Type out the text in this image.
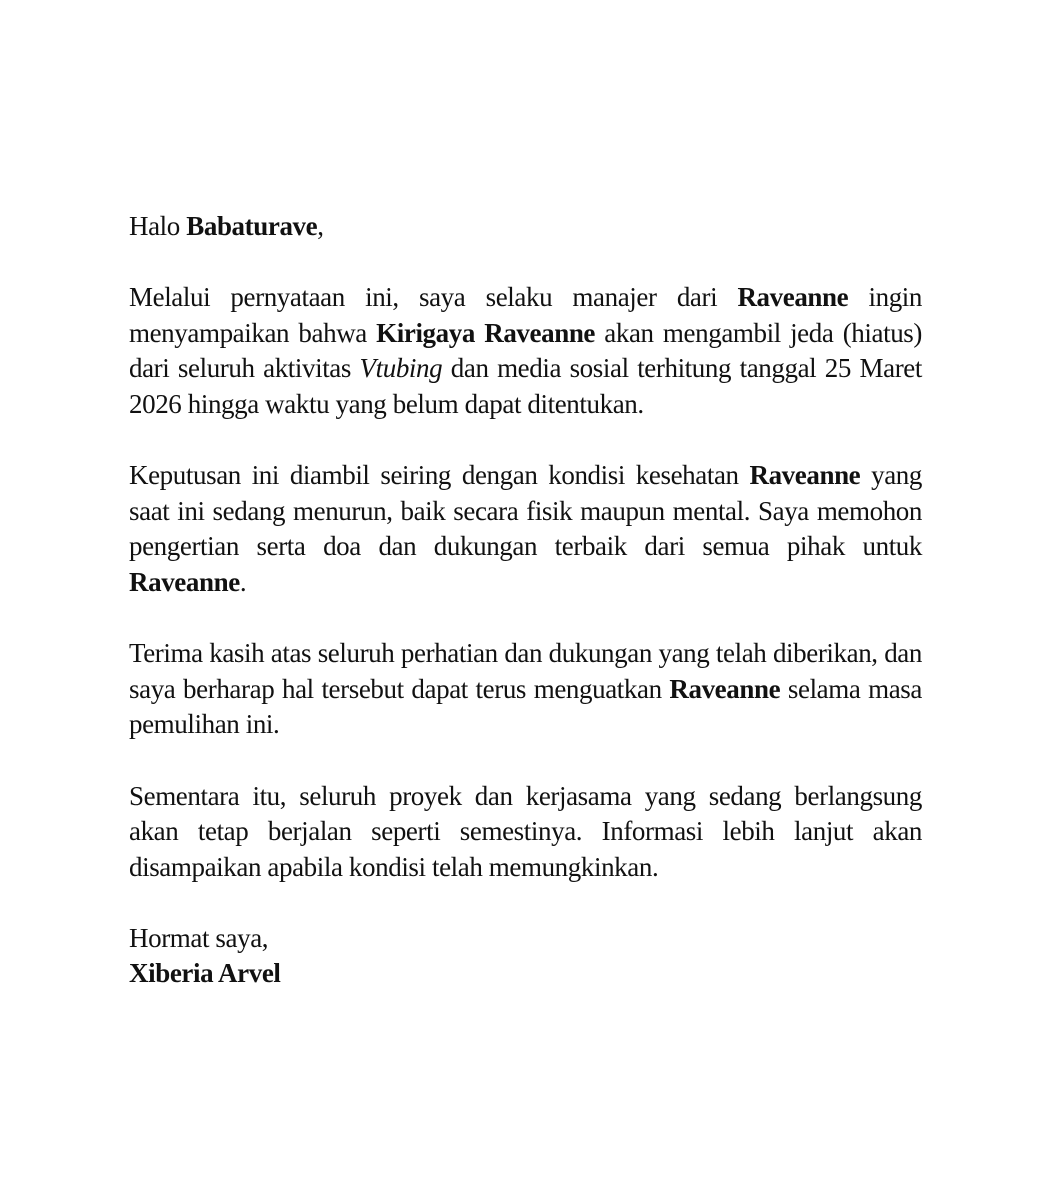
Halo Babaturave,

Melalui pernyataan ini, saya selaku manajer dari Raveanne ingin menyampaikan bahwa Kirigaya Raveanne akan mengambil jeda (hiatus) dari seluruh aktivitas Vtubing dan media sosial terhitung tanggal 25 Maret 2026 hingga waktu yang belum dapat ditentukan.

Keputusan ini diambil seiring dengan kondisi kesehatan Raveanne yang saat ini sedang menurun, baik secara fisik maupun mental. Saya memohon pengertian serta doa dan dukungan terbaik dari semua pihak untuk Raveanne.

Terima kasih atas seluruh perhatian dan dukungan yang telah diberikan, dan saya berharap hal tersebut dapat terus menguatkan Raveanne selama masa pemulihan ini.

Sementara itu, seluruh proyek dan kerjasama yang sedang berlangsung akan tetap berjalan seperti semestinya. Informasi lebih lanjut akan disampaikan apabila kondisi telah memungkinkan.

Hormat saya,
Xiberia Arvel
